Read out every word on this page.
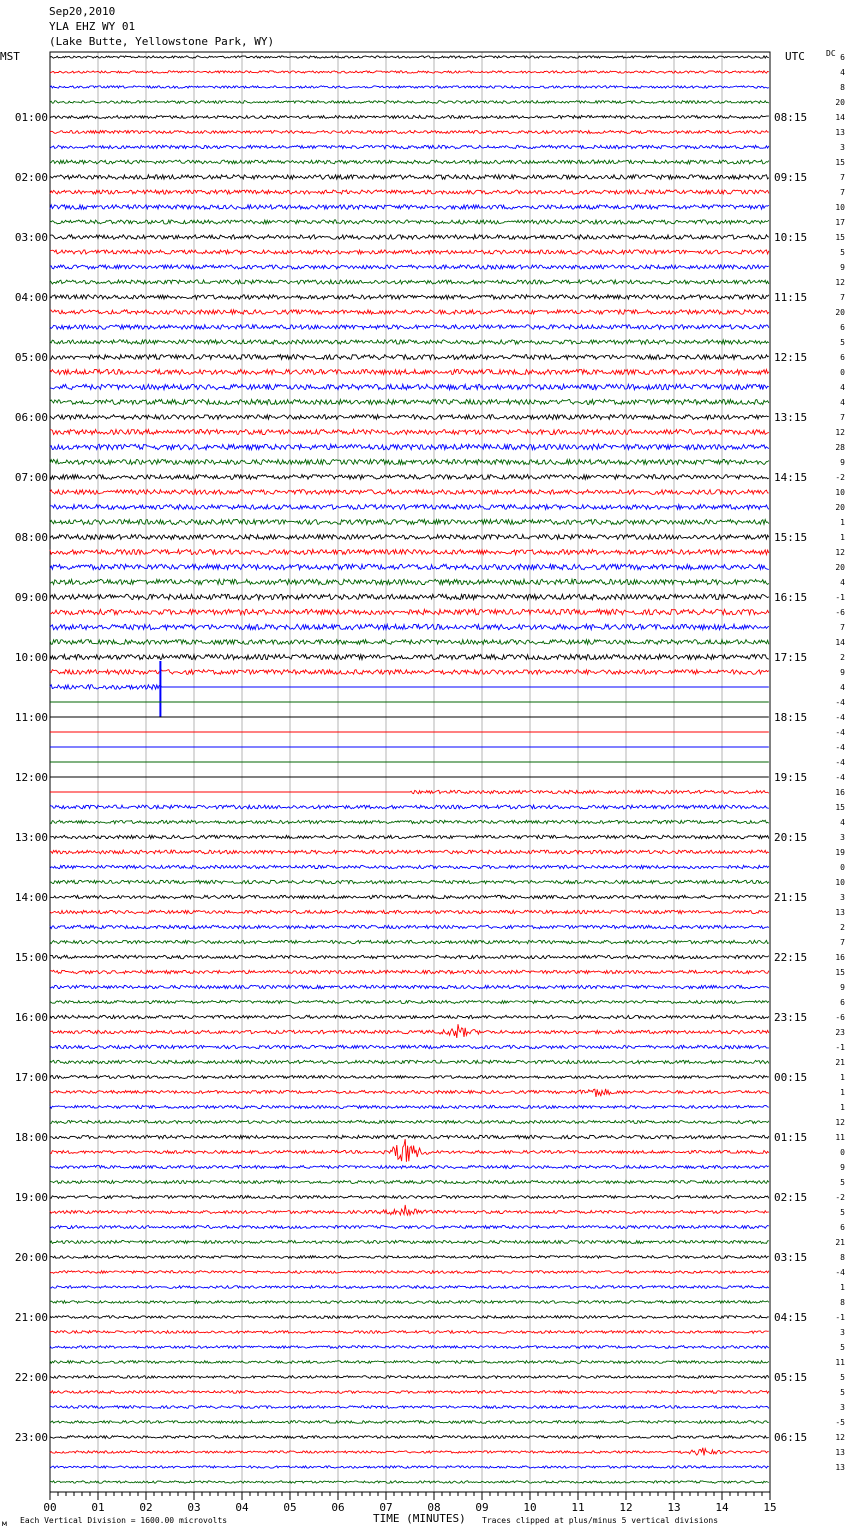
Sep20,2010
YLA EHZ WY 01
(Lake Butte, Yellowstone Park, WY)
MST	UTC	DC 6
4
8
20
14
13
3
15
7
7
10
17
15
5
9
12
7
20
6
5
6
0
4
4
7
12
28
9
-2
10
20
1
1
12
20
4
-1
-6
7
14
2
9
4
-4
-4
-4
-4
-4
-4
16
15
4
3
19
0
10
3
13
2
7
16
15
9
6
-6
23
-1
21
1
1
1
12
11
0
9
5
-2
5
6
21
8
-4
1
8
-1
3
5
11
5
5
3
-5
12
13
13
01:00	08:15
02:00	09:15
03:00	10:15
04:00	11:15
05:00	12:15
06:00	13:15
07:00	14:15
08:00	15:15
09:00	16:15
10:00	17:15
11:00	18:15
12:00	19:15
13:00	20:15
14:00	21:15
15:00	22:15
16:00	23:15
17:00	00:15
18:00	01:15
19:00	02:15
20:00	03:15
21:00	04:15
22:00	05:15
23:00	06:15
00	01	02	03	04	05	06	07	08	09	10	11	12	13	14	15
TIME (MINUTES)
м Each Vertical Division = 1600.00 microvolts	Traces clipped at plus/minus 5 vertical divisions
